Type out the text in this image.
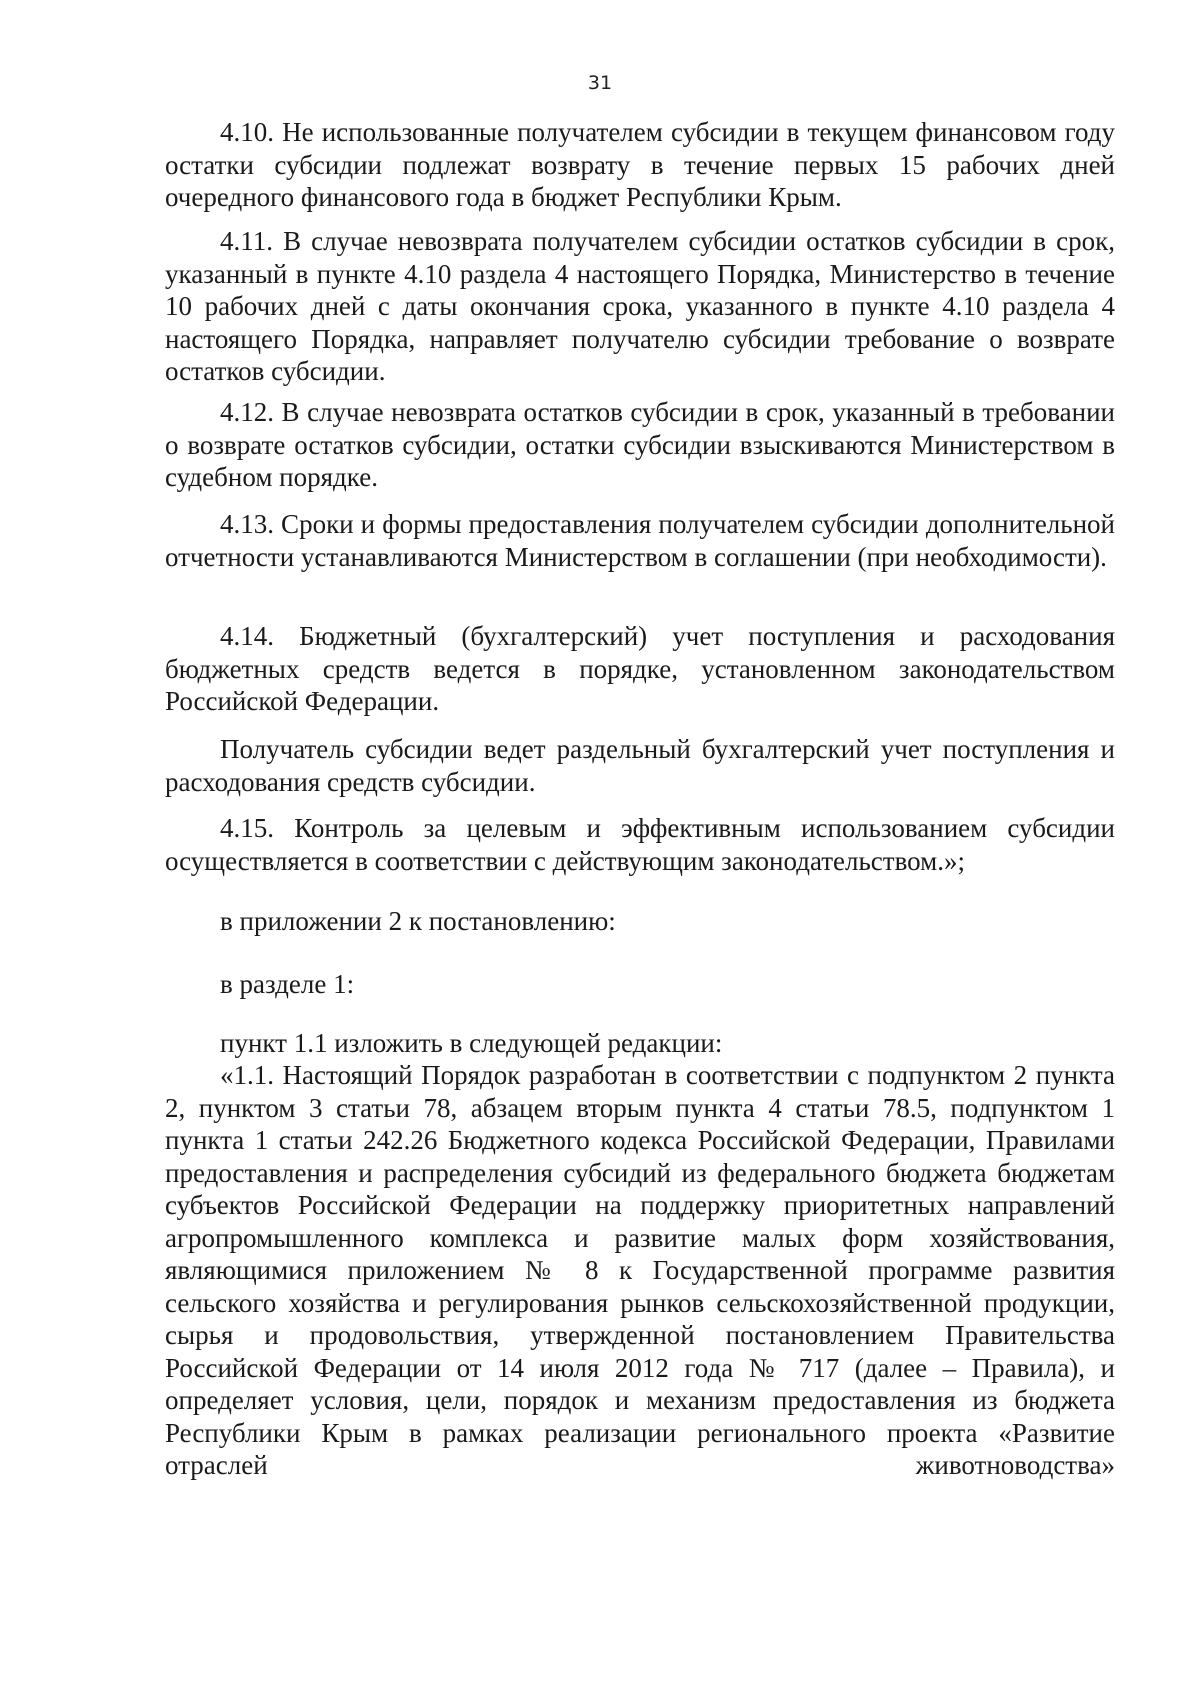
31

4.10. Не использованные получателем субсидии в текущем финансовом году остатки субсидии подлежат возврату в течение первых 15 рабочих дней очередного финансового года в бюджет Республики Крым.

4.11. В случае невозврата получателем субсидии остатков субсидии в срок, указанный в пункте 4.10 раздела 4 настоящего Порядка, Министерство в течение 10 рабочих дней с даты окончания срока, указанного в пункте 4.10 раздела 4 настоящего Порядка, направляет получателю субсидии требование о возврате остатков субсидии.

4.12. В случае невозврата остатков субсидии в срок, указанный в требовании о возврате остатков субсидии, остатки субсидии взыскиваются Министерством в судебном порядке.

4.13. Сроки и формы предоставления получателем субсидии дополнительной отчетности устанавливаются Министерством в соглашении (при необходимости).

4.14. Бюджетный (бухгалтерский) учет поступления и расходования бюджетных средств ведется в порядке, установленном законодательством Российской Федерации.

Получатель субсидии ведет раздельный бухгалтерский учет поступления и расходования средств субсидии.

4.15. Контроль за целевым и эффективным использованием субсидии осуществляется в соответствии с действующим законодательством.»;

в приложении 2 к постановлению:

в разделе 1:

пункт 1.1 изложить в следующей редакции:

«1.1. Настоящий Порядок разработан в соответствии с подпунктом 2 пункта 2, пунктом 3 статьи 78, абзацем вторым пункта 4 статьи 78.5, подпунктом 1 пункта 1 статьи 242.26 Бюджетного кодекса Российской Федерации, Правилами предоставления и распределения субсидий из федерального бюджета бюджетам субъектов Российской Федерации на поддержку приоритетных направлений агропромышленного комплекса и развитие малых форм хозяйствования, являющимися приложением № 8 к Государственной программе развития сельского хозяйства и регулирования рынков сельскохозяйственной продукции, сырья и продовольствия, утвержденной постановлением Правительства Российской Федерации от 14 июля 2012 года № 717 (далее – Правила), и определяет условия, цели, порядок и механизм предоставления из бюджета Республики Крым в рамках реализации регионального проекта «Развитие отраслей животноводства»
